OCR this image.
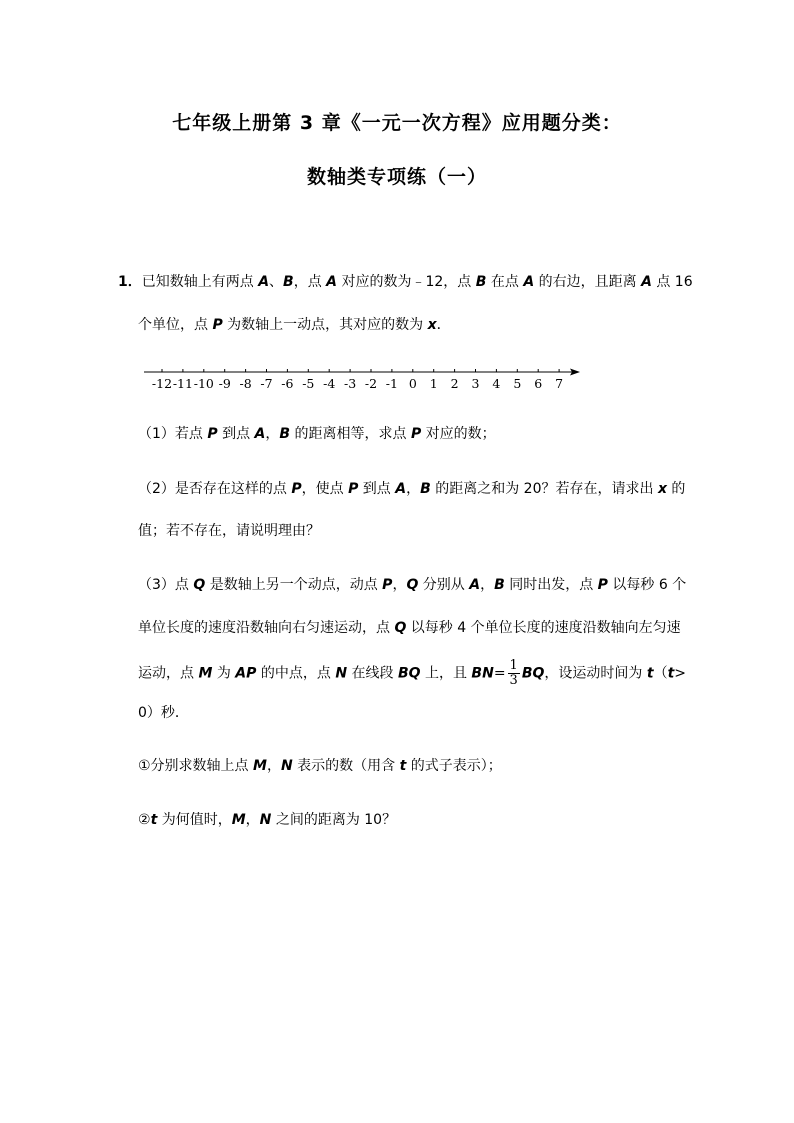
七年级上册第 3 章《一元一次方程》应用题分类：
数轴类专项练（一）
1．已知数轴上有两点 A、B，点 A 对应的数为﹣12，点 B 在点 A 的右边，且距离 A 点 16
个单位，点 P 为数轴上一动点，其对应的数为 x．
-12 -11 -10 -9 -8 -7 -6 -5 -4 -3 -2 -1 0 1 2 3 4 5 6 7
（1）若点 P 到点 A，B 的距离相等，求点 P 对应的数；
（2）是否存在这样的点 P，使点 P 到点 A，B 的距离之和为 20？若存在，请求出 x 的
值；若不存在，请说明理由？
（3）点 Q 是数轴上另一个动点，动点 P，Q 分别从 A，B 同时出发，点 P 以每秒 6 个
单位长度的速度沿数轴向右匀速运动，点 Q 以每秒 4 个单位长度的速度沿数轴向左匀速
运动，点 M 为 AP 的中点，点 N 在线段 BQ 上，且 $BN= \frac{1}{3}$ BQ，设运动时间为 t（t>
0）秒．
①分别求数轴上点 M，N 表示的数（用含 t 的式子表示）；
②t 为何值时，M，N 之间的距离为 10？
